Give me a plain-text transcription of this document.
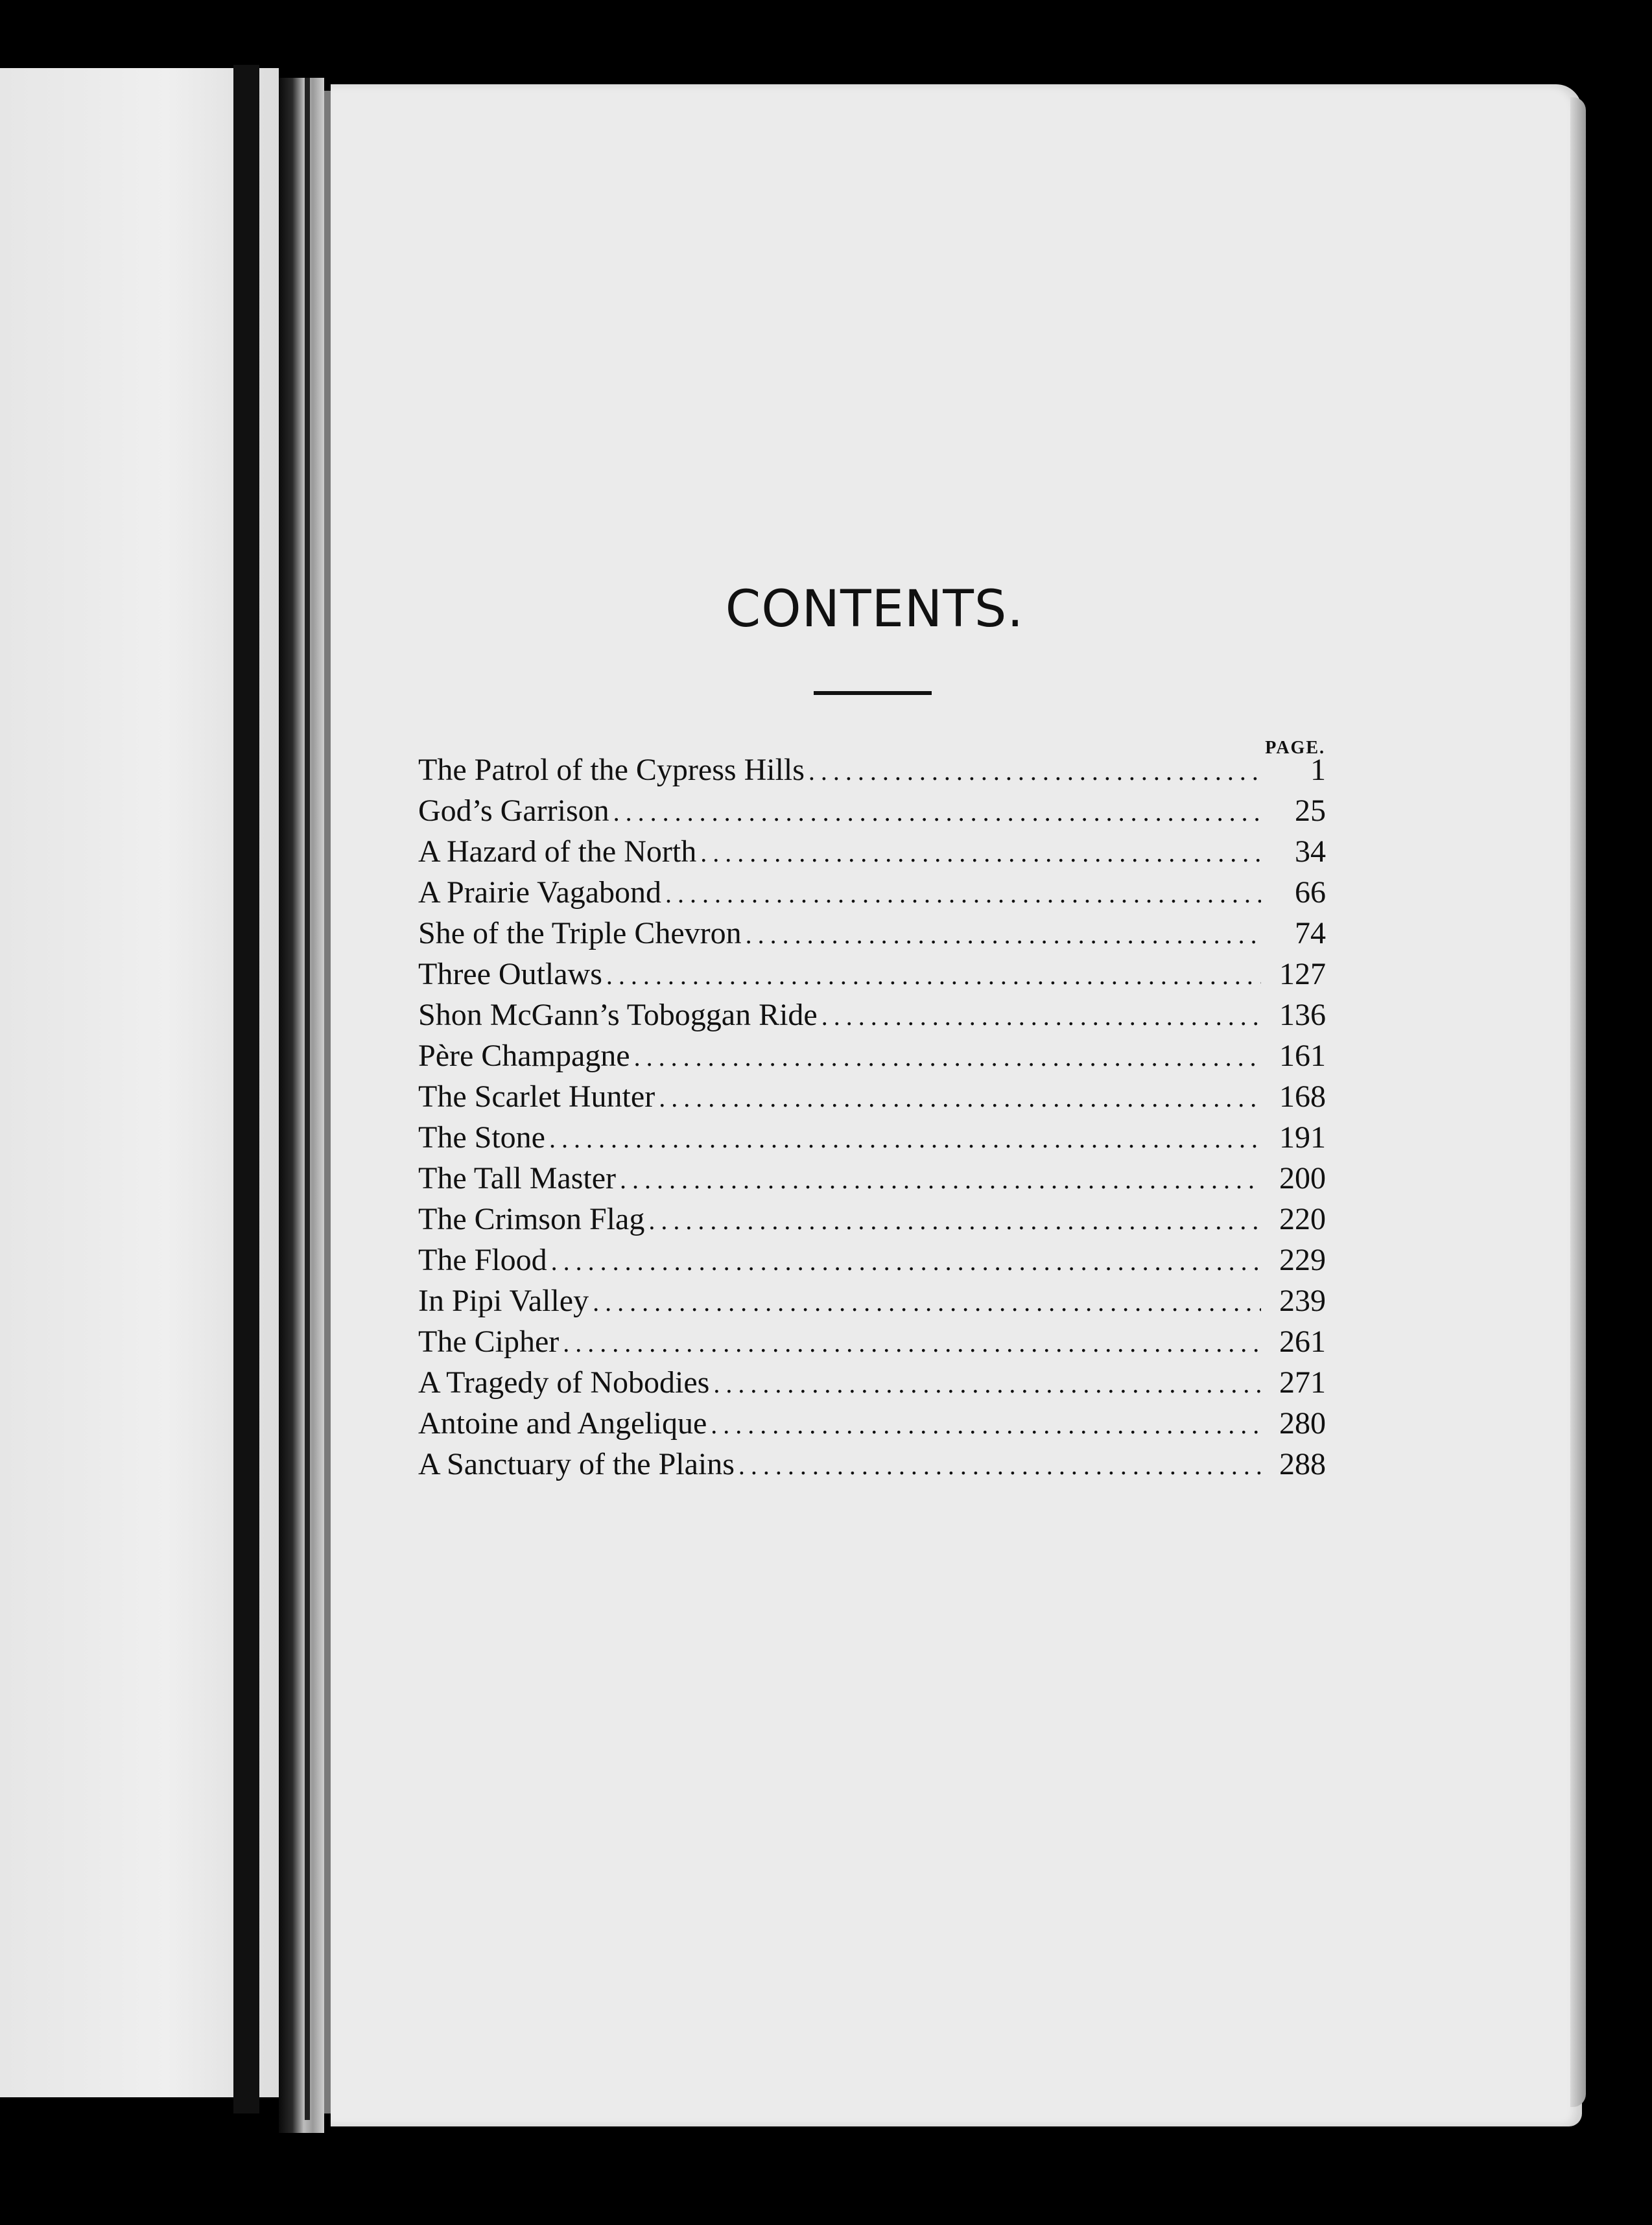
CONTENTS.
PAGE.
The Patrol of the Cypress Hills .....	1
God’s Garrison .....	25
A Hazard of the North .....	34
A Prairie Vagabond .....	66
She of the Triple Chevron .....	74
Three Outlaws .....	127
Shon McGann’s Toboggan Ride .....	136
Père Champagne .....	161
The Scarlet Hunter .....	168
The Stone .....	191
The Tall Master .....	200
The Crimson Flag .....	220
The Flood .....	229
In Pipi Valley .....	239
The Cipher .....	261
A Tragedy of Nobodies .....	271
Antoine and Angelique .....	280
A Sanctuary of the Plains .....	288
